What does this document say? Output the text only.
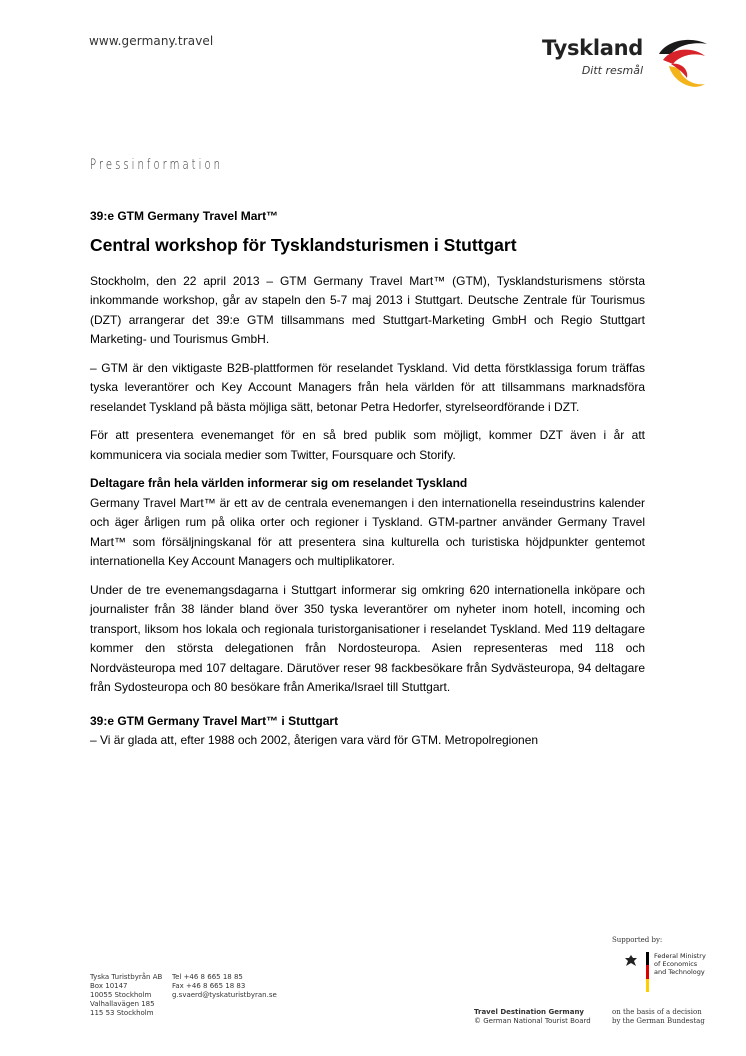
www.germany.travel	Tyskland
Ditt resmål
Pressinformation

39:e GTM Germany Travel Mart™

Central workshop för Tysklandsturismen i Stuttgart

Stockholm, den 22 april 2013 – GTM Germany Travel Mart™ (GTM), Tysklandsturismens största inkommande workshop, går av stapeln den 5-7 maj 2013 i Stuttgart. Deutsche Zentrale für Tourismus (DZT) arrangerar det 39:e GTM tillsammans med Stuttgart-Marketing GmbH och Regio Stuttgart Marketing- und Tourismus GmbH.

– GTM är den viktigaste B2B-plattformen för reselandet Tyskland. Vid detta förstklassiga forum träffas tyska leverantörer och Key Account Managers från hela världen för att tillsammans marknadsföra reselandet Tyskland på bästa möjliga sätt, betonar Petra Hedorfer, styrelseordförande i DZT.

För att presentera evenemanget för en så bred publik som möjligt, kommer DZT även i år att kommunicera via sociala medier som Twitter, Foursquare och Storify.

Deltagare från hela världen informerar sig om reselandet Tyskland

Germany Travel Mart™ är ett av de centrala evenemangen i den internationella reseindustrins kalender och äger årligen rum på olika orter och regioner i Tyskland. GTM-partner använder Germany Travel Mart™ som försäljningskanal för att presentera sina kulturella och turistiska höjdpunkter gentemot internationella Key Account Managers och multiplikatorer.

Under de tre evenemangsdagarna i Stuttgart informerar sig omkring 620 internationella inköpare och journalister från 38 länder bland över 350 tyska leverantörer om nyheter inom hotell, incoming och transport, liksom hos lokala och regionala turistorganisationer i reselandet Tyskland. Med 119 deltagare kommer den största delegationen från Nordosteuropa. Asien representeras med 118 och Nordvästeuropa med 107 deltagare. Därutöver reser 98 fackbesökare från Sydvästeuropa, 94 deltagare från Sydosteuropa och 80 besökare från Amerika/Israel till Stuttgart.

39:e GTM Germany Travel Mart™ i Stuttgart

– Vi är glada att, efter 1988 och 2002, återigen vara värd för GTM. Metropolregionen

Tyska Turistbyrån AB
Box 10147
10055 Stockholm
Valhallavägen 185
115 53 Stockholm
Tel +46 8 665 18 85
Fax +46 8 665 18 83
g.svaerd@tyskaturistbyran.se
Travel Destination Germany
© German National Tourist Board
Supported by:
Federal Ministry
of Economics
and Technology
on the basis of a decision
by the German Bundestag
